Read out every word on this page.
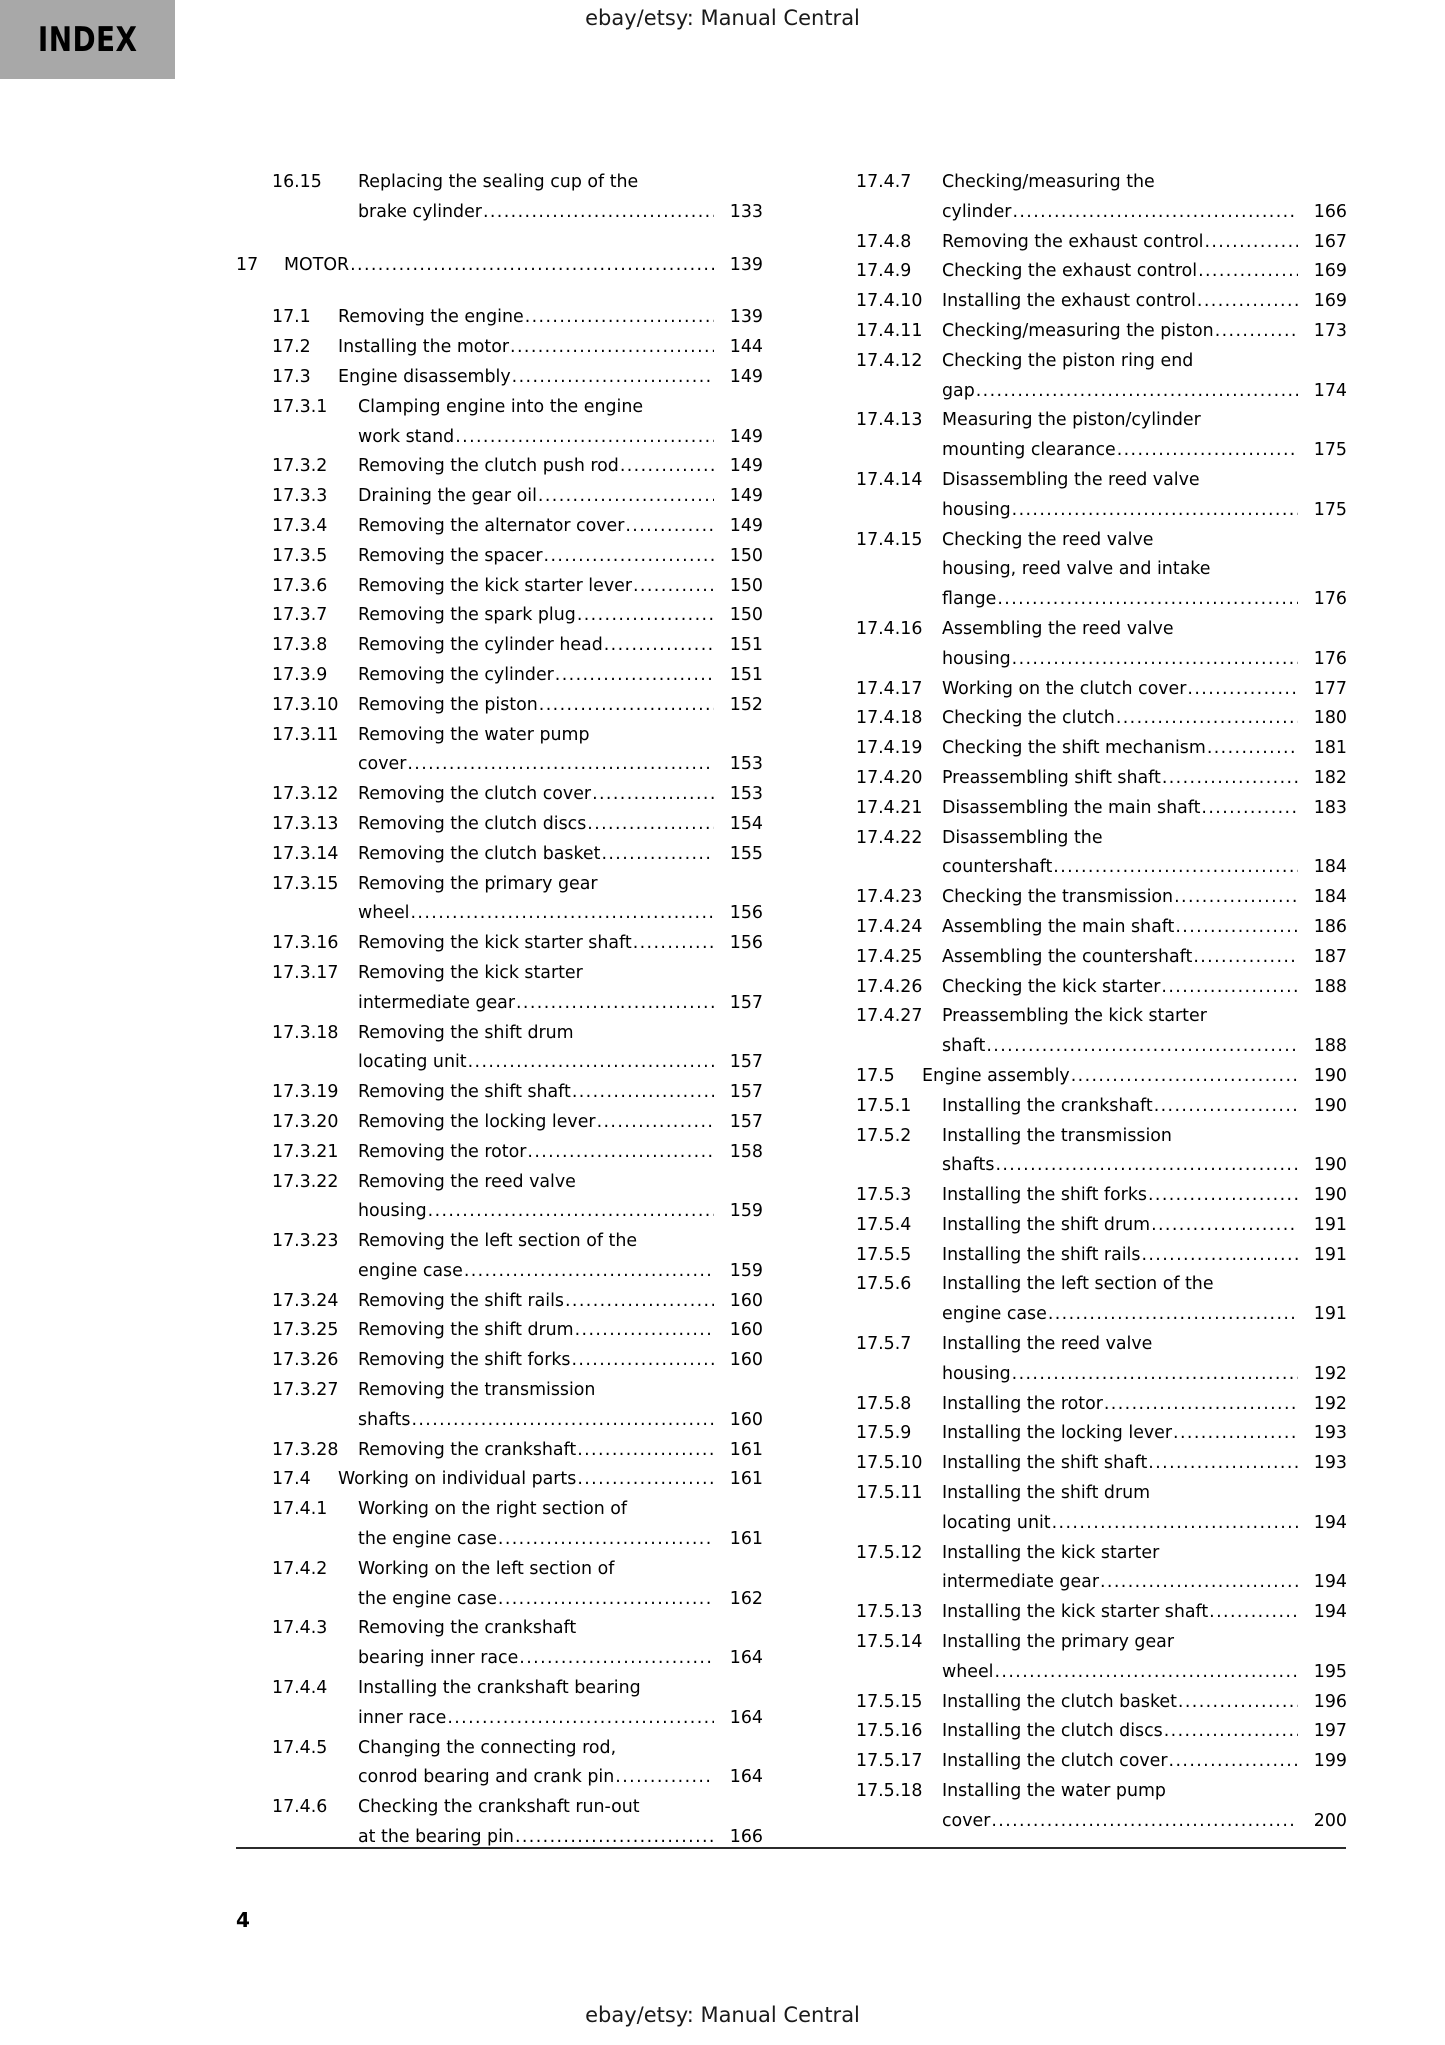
INDEX
ebay/etsy: Manual Central
16.15	Replacing the sealing cup of the
brake cylinder .....	133
17	MOTOR .....	139
17.1	Removing the engine .....	139
17.2	Installing the motor .....	144
17.3	Engine disassembly .....	149
17.3.1	Clamping engine into the engine
work stand .....	149
17.3.2	Removing the clutch push rod .....	149
17.3.3	Draining the gear oil .....	149
17.3.4	Removing the alternator cover .....	149
17.3.5	Removing the spacer .....	150
17.3.6	Removing the kick starter lever .....	150
17.3.7	Removing the spark plug .....	150
17.3.8	Removing the cylinder head .....	151
17.3.9	Removing the cylinder .....	151
17.3.10	Removing the piston .....	152
17.3.11	Removing the water pump
cover .....	153
17.3.12	Removing the clutch cover .....	153
17.3.13	Removing the clutch discs .....	154
17.3.14	Removing the clutch basket .....	155
17.3.15	Removing the primary gear
wheel .....	156
17.3.16	Removing the kick starter shaft .....	156
17.3.17	Removing the kick starter
intermediate gear .....	157
17.3.18	Removing the shift drum
locating unit .....	157
17.3.19	Removing the shift shaft .....	157
17.3.20	Removing the locking lever .....	157
17.3.21	Removing the rotor .....	158
17.3.22	Removing the reed valve
housing .....	159
17.3.23	Removing the left section of the
engine case .....	159
17.3.24	Removing the shift rails .....	160
17.3.25	Removing the shift drum .....	160
17.3.26	Removing the shift forks .....	160
17.3.27	Removing the transmission
shafts .....	160
17.3.28	Removing the crankshaft .....	161
17.4	Working on individual parts .....	161
17.4.1	Working on the right section of
the engine case .....	161
17.4.2	Working on the left section of
the engine case .....	162
17.4.3	Removing the crankshaft
bearing inner race .....	164
17.4.4	Installing the crankshaft bearing
inner race .....	164
17.4.5	Changing the connecting rod,
conrod bearing and crank pin .....	164
17.4.6	Checking the crankshaft run-out
at the bearing pin .....	166
17.4.7	Checking/measuring the
cylinder .....	166
17.4.8	Removing the exhaust control .....	167
17.4.9	Checking the exhaust control .....	169
17.4.10	Installing the exhaust control .....	169
17.4.11	Checking/measuring the piston .....	173
17.4.12	Checking the piston ring end
gap .....	174
17.4.13	Measuring the piston/cylinder
mounting clearance .....	175
17.4.14	Disassembling the reed valve
housing .....	175
17.4.15	Checking the reed valve
housing, reed valve and intake
flange .....	176
17.4.16	Assembling the reed valve
housing .....	176
17.4.17	Working on the clutch cover .....	177
17.4.18	Checking the clutch .....	180
17.4.19	Checking the shift mechanism .....	181
17.4.20	Preassembling shift shaft .....	182
17.4.21	Disassembling the main shaft .....	183
17.4.22	Disassembling the
countershaft .....	184
17.4.23	Checking the transmission .....	184
17.4.24	Assembling the main shaft .....	186
17.4.25	Assembling the countershaft .....	187
17.4.26	Checking the kick starter .....	188
17.4.27	Preassembling the kick starter
shaft .....	188
17.5	Engine assembly .....	190
17.5.1	Installing the crankshaft .....	190
17.5.2	Installing the transmission
shafts .....	190
17.5.3	Installing the shift forks .....	190
17.5.4	Installing the shift drum .....	191
17.5.5	Installing the shift rails .....	191
17.5.6	Installing the left section of the
engine case .....	191
17.5.7	Installing the reed valve
housing .....	192
17.5.8	Installing the rotor .....	192
17.5.9	Installing the locking lever .....	193
17.5.10	Installing the shift shaft .....	193
17.5.11	Installing the shift drum
locating unit .....	194
17.5.12	Installing the kick starter
intermediate gear .....	194
17.5.13	Installing the kick starter shaft .....	194
17.5.14	Installing the primary gear
wheel .....	195
17.5.15	Installing the clutch basket .....	196
17.5.16	Installing the clutch discs .....	197
17.5.17	Installing the clutch cover .....	199
17.5.18	Installing the water pump
cover .....	200
4
ebay/etsy: Manual Central
